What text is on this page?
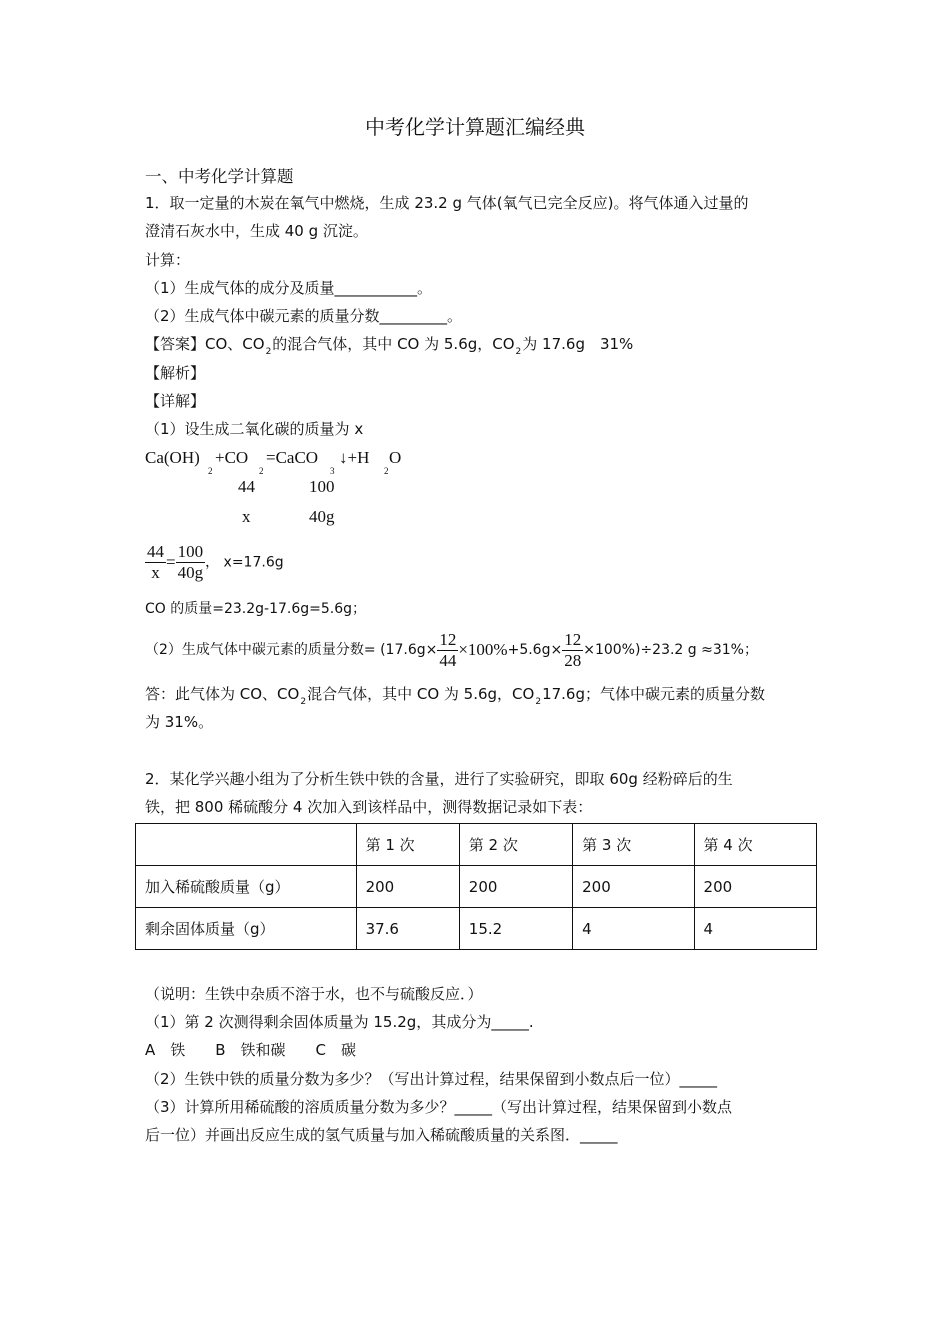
中考化学计算题汇编经典
一、中考化学计算题
1．取一定量的木炭在氧气中燃烧，生成 23.2 g 气体(氧气已完全反应)。将气体通入过量的
澄清石灰水中，生成 40 g 沉淀。
计算：
（1）生成气体的成分及质量___________。
（2）生成气体中碳元素的质量分数_________。
【答案】CO、$CO_2$的混合气体，其中 CO 为 5.6g，$CO_2$为 17.6g　31%
【解析】
【详解】
（1）设生成二氧化碳的质量为 x
Ca(OH)
2
+CO
2
=CaCO
3
↓+H
2
O
44	100
x	40g
$\frac{44}{x} = \frac{100}{40g}$ ， x=17.6g
CO 的质量=23.2g-17.6g=5.6g；
（2）生成气体中碳元素的质量分数= $(17.6g\times \frac{12}{44} \times 100\%+5.6g\times \frac{12}{28} \times 100\%)\div 23.2$ g ≈31%；
答：此气体为 CO、$CO_2$混合气体，其中 CO 为 5.6g，$CO_217.6g$；气体中碳元素的质量分数
为 31%。
2．某化学兴趣小组为了分析生铁中铁的含量，进行了实验研究，即取 60g 经粉碎后的生
铁，把 800 稀硫酸分 4 次加入到该样品中，测得数据记录如下表：
	第 1 次	第 2 次	第 3 次	第 4 次
加入稀硫酸质量（g）	200	200	200	200
剩余固体质量（g）	37.6	15.2	4	4
（说明：生铁中杂质不溶于水，也不与硫酸反应．）
（1）第 2 次测得剩余固体质量为 15.2g，其成分为_____.
A　铁　　B　铁和碳　　C　碳
（2）生铁中铁的质量分数为多少？（写出计算过程，结果保留到小数点后一位）_____
（3）计算所用稀硫酸的溶质质量分数为多少？_____（写出计算过程，结果保留到小数点
后一位）并画出反应生成的氢气质量与加入稀硫酸质量的关系图．_____
